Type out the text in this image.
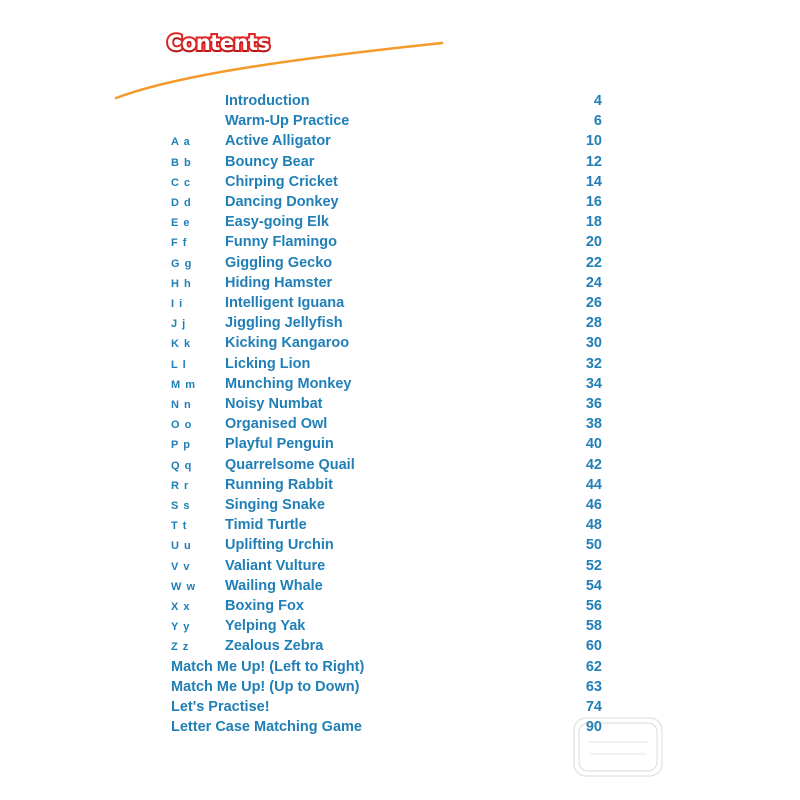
Contents
Introduction	4
Warm-Up Practice	6
A a Active Alligator	10
B b Bouncy Bear	12
C c Chirping Cricket	14
D d Dancing Donkey	16
E e Easy-going Elk	18
F f	Funny Flamingo	20
G g Giggling Gecko	22
H h Hiding Hamster	24
I i	Intelligent Iguana	26
J j	Jiggling Jellyfish	28
K k Kicking Kangaroo	30
L l	Licking Lion	32
M m Munching Monkey	34
N n Noisy Numbat	36
O o Organised Owl	38
P p Playful Penguin	40
Q q Quarrelsome Quail	42
R r Running Rabbit	44
S s Singing Snake	46
T t	Timid Turtle	48
U u Uplifting Urchin	50
V v Valiant Vulture	52
W w Wailing Whale	54
X x Boxing Fox	56
Y y Yelping Yak	58
Z z Zealous Zebra	60
Match Me Up! (Left to Right)	62
Match Me Up! (Up to Down)	63
Let's Practise!	74
Letter Case Matching Game	90
